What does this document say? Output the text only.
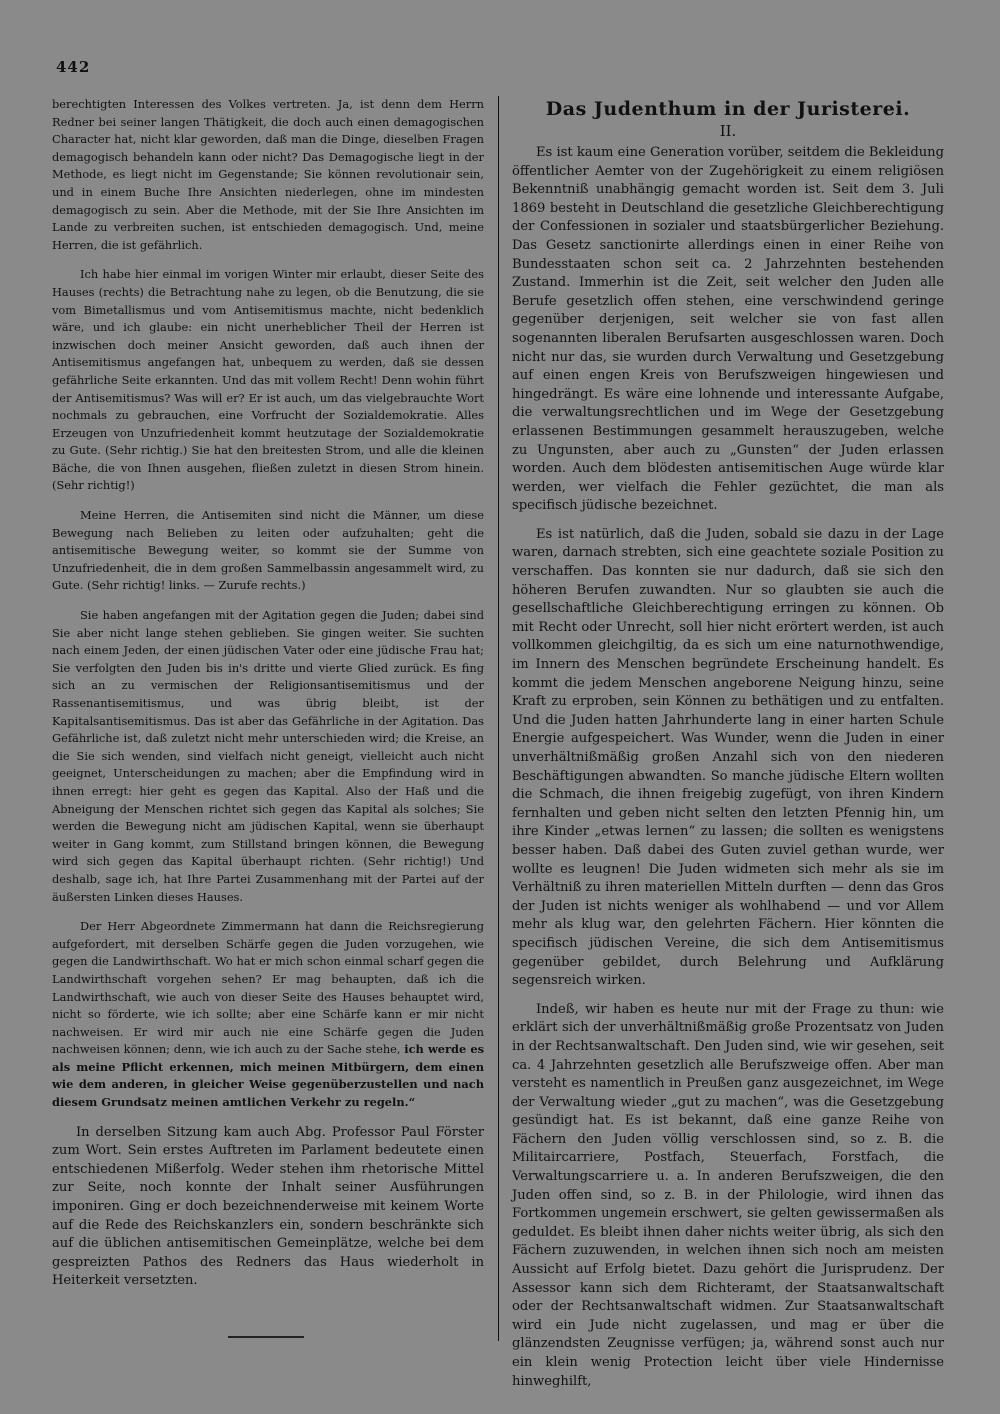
442

berechtigten Interessen des Volkes vertreten. Ja, ist denn dem Herrn Redner bei seiner langen Thätigkeit, die doch auch einen demagogischen Character hat, nicht klar geworden, daß man die Dinge, dieselben Fragen demagogisch behandeln kann oder nicht? Das Demagogische liegt in der Methode, es liegt nicht im Gegenstande; Sie können revolutionair sein, und in einem Buche Ihre Ansichten niederlegen, ohne im mindesten demagogisch zu sein. Aber die Methode, mit der Sie Ihre Ansichten im Lande zu verbreiten suchen, ist entschieden demagogisch. Und, meine Herren, die ist gefährlich.

Ich habe hier einmal im vorigen Winter mir erlaubt, dieser Seite des Hauses (rechts) die Betrachtung nahe zu legen, ob die Benutzung, die sie vom Bimetallismus und vom Antisemitismus machte, nicht bedenklich wäre, und ich glaube: ein nicht unerheblicher Theil der Herren ist inzwischen doch meiner Ansicht geworden, daß auch ihnen der Antisemitismus angefangen hat, unbequem zu werden, daß sie dessen gefährliche Seite erkannten. Und das mit vollem Recht! Denn wohin führt der Antisemitismus? Was will er? Er ist auch, um das vielgebrauchte Wort nochmals zu gebrauchen, eine Vorfrucht der Sozialdemokratie. Alles Erzeugen von Unzufriedenheit kommt heutzutage der Sozialdemokratie zu Gute. (Sehr richtig.) Sie hat den breitesten Strom, und alle die kleinen Bäche, die von Ihnen ausgehen, fließen zuletzt in diesen Strom hinein. (Sehr richtig!)

Meine Herren, die Antisemiten sind nicht die Männer, um diese Bewegung nach Belieben zu leiten oder aufzuhalten; geht die antisemitische Bewegung weiter, so kommt sie der Summe von Unzufriedenheit, die in dem großen Sammelbassin angesammelt wird, zu Gute. (Sehr richtig! links. — Zurufe rechts.)

Sie haben angefangen mit der Agitation gegen die Juden; dabei sind Sie aber nicht lange stehen geblieben. Sie gingen weiter. Sie suchten nach einem Jeden, der einen jüdischen Vater oder eine jüdische Frau hat; Sie verfolgten den Juden bis in's dritte und vierte Glied zurück. Es fing sich an zu vermischen der Religionsantisemitismus und der Rassenantisemitismus, und was übrig bleibt, ist der Kapitalsantisemitismus. Das ist aber das Gefährliche in der Agitation. Das Gefährliche ist, daß zuletzt nicht mehr unterschieden wird; die Kreise, an die Sie sich wenden, sind vielfach nicht geneigt, vielleicht auch nicht geeignet, Unterscheidungen zu machen; aber die Empfindung wird in ihnen erregt: hier geht es gegen das Kapital. Also der Haß und die Abneigung der Menschen richtet sich gegen das Kapital als solches; Sie werden die Bewegung nicht am jüdischen Kapital, wenn sie überhaupt weiter in Gang kommt, zum Stillstand bringen können, die Bewegung wird sich gegen das Kapital überhaupt richten. (Sehr richtig!) Und deshalb, sage ich, hat Ihre Partei Zusammenhang mit der Partei auf der äußersten Linken dieses Hauses.

Der Herr Abgeordnete Zimmermann hat dann die Reichsregierung aufgefordert, mit derselben Schärfe gegen die Juden vorzugehen, wie gegen die Landwirthschaft. Wo hat er mich schon einmal scharf gegen die Landwirthschaft vorgehen sehen? Er mag behaupten, daß ich die Landwirthschaft, wie auch von dieser Seite des Hauses behauptet wird, nicht so förderte, wie ich sollte; aber eine Schärfe kann er mir nicht nachweisen. Er wird mir auch nie eine Schärfe gegen die Juden nachweisen können; denn, wie ich auch zu der Sache stehe, ich werde es als meine Pflicht erkennen, mich meinen Mitbürgern, dem einen wie dem anderen, in gleicher Weise gegenüberzustellen und nach diesem Grundsatz meinen amtlichen Verkehr zu regeln.“

In derselben Sitzung kam auch Abg. Professor Paul Förster zum Wort. Sein erstes Auftreten im Parlament bedeutete einen entschiedenen Mißerfolg. Weder stehen ihm rhetorische Mittel zur Seite, noch konnte der Inhalt seiner Ausführungen imponiren. Ging er doch bezeichnenderweise mit keinem Worte auf die Rede des Reichskanzlers ein, sondern beschränkte sich auf die üblichen antisemitischen Gemeinplätze, welche bei dem gespreizten Pathos des Redners das Haus wiederholt in Heiterkeit versetzten.

Das Judenthum in der Juristerei.
II.

Es ist kaum eine Generation vorüber, seitdem die Bekleidung öffentlicher Aemter von der Zugehörigkeit zu einem religiösen Bekenntniß unabhängig gemacht worden ist. Seit dem 3. Juli 1869 besteht in Deutschland die gesetzliche Gleichberechtigung der Confessionen in sozialer und staatsbürgerlicher Beziehung. Das Gesetz sanctionirte allerdings einen in einer Reihe von Bundesstaaten schon seit ca. 2 Jahrzehnten bestehenden Zustand. Immerhin ist die Zeit, seit welcher den Juden alle Berufe gesetzlich offen stehen, eine verschwindend geringe gegenüber derjenigen, seit welcher sie von fast allen sogenannten liberalen Berufsarten ausgeschlossen waren. Doch nicht nur das, sie wurden durch Verwaltung und Gesetzgebung auf einen engen Kreis von Berufszweigen hingewiesen und hingedrängt. Es wäre eine lohnende und interessante Aufgabe, die verwaltungsrechtlichen und im Wege der Gesetzgebung erlassenen Bestimmungen gesammelt herauszugeben, welche zu Ungunsten, aber auch zu „Gunsten“ der Juden erlassen worden. Auch dem blödesten antisemitischen Auge würde klar werden, wer vielfach die Fehler gezüchtet, die man als specifisch jüdische bezeichnet.

Es ist natürlich, daß die Juden, sobald sie dazu in der Lage waren, darnach strebten, sich eine geachtete soziale Position zu verschaffen. Das konnten sie nur dadurch, daß sie sich den höheren Berufen zuwandten. Nur so glaubten sie auch die gesellschaftliche Gleichberechtigung erringen zu können. Ob mit Recht oder Unrecht, soll hier nicht erörtert werden, ist auch vollkommen gleichgiltig, da es sich um eine naturnothwendige, im Innern des Menschen begründete Erscheinung handelt. Es kommt die jedem Menschen angeborene Neigung hinzu, seine Kraft zu erproben, sein Können zu bethätigen und zu entfalten. Und die Juden hatten Jahrhunderte lang in einer harten Schule Energie aufgespeichert. Was Wunder, wenn die Juden in einer unverhältnißmäßig großen Anzahl sich von den niederen Beschäftigungen abwandten. So manche jüdische Eltern wollten die Schmach, die ihnen freigebig zugefügt, von ihren Kindern fernhalten und geben nicht selten den letzten Pfennig hin, um ihre Kinder „etwas lernen“ zu lassen; die sollten es wenigstens besser haben. Daß dabei des Guten zuviel gethan wurde, wer wollte es leugnen! Die Juden widmeten sich mehr als sie im Verhältniß zu ihren materiellen Mitteln durften — denn das Gros der Juden ist nichts weniger als wohlhabend — und vor Allem mehr als klug war, den gelehrten Fächern. Hier könnten die specifisch jüdischen Vereine, die sich dem Antisemitismus gegenüber gebildet, durch Belehrung und Aufklärung segensreich wirken.

Indeß, wir haben es heute nur mit der Frage zu thun: wie erklärt sich der unverhältnißmäßig große Prozentsatz von Juden in der Rechtsanwaltschaft. Den Juden sind, wie wir gesehen, seit ca. 4 Jahrzehnten gesetzlich alle Berufszweige offen. Aber man versteht es namentlich in Preußen ganz ausgezeichnet, im Wege der Verwaltung wieder „gut zu machen“, was die Gesetzgebung gesündigt hat. Es ist bekannt, daß eine ganze Reihe von Fächern den Juden völlig verschlossen sind, so z. B. die Militaircarriere, Postfach, Steuerfach, Forstfach, die Verwaltungscarriere u. a. In anderen Berufszweigen, die den Juden offen sind, so z. B. in der Philologie, wird ihnen das Fortkommen ungemein erschwert, sie gelten gewissermaßen als geduldet. Es bleibt ihnen daher nichts weiter übrig, als sich den Fächern zuzuwenden, in welchen ihnen sich noch am meisten Aussicht auf Erfolg bietet. Dazu gehört die Jurisprudenz. Der Assessor kann sich dem Richteramt, der Staatsanwaltschaft oder der Rechtsanwaltschaft widmen. Zur Staatsanwaltschaft wird ein Jude nicht zugelassen, und mag er über die glänzendsten Zeugnisse verfügen; ja, während sonst auch nur ein klein wenig Protection leicht über viele Hindernisse hinweghilft,
